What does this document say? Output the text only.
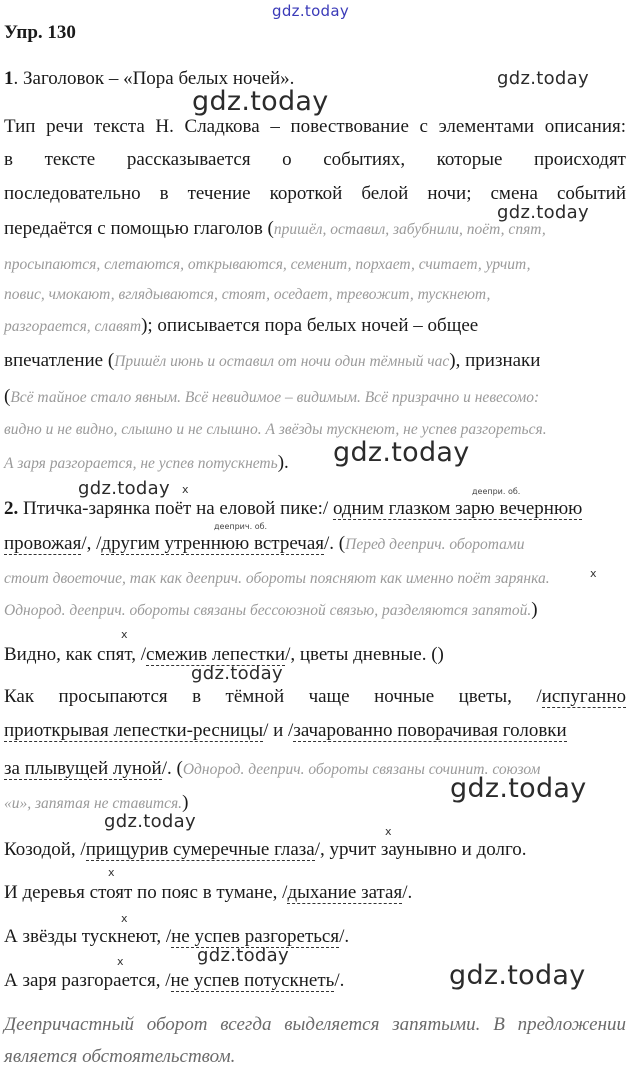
gdz.today
Упр. 130
1. Заголовок – «Пора белых ночей».	gdz.today
gdz.today
Тип речи текста Н. Сладкова – повествование с элементами описания:
в тексте рассказывается о событиях, которые происходят
последовательно в течение короткой белой ночи; смена событий
gdz.today
передаётся с помощью глаголов (пришёл, оставил, забубнили, поёт, спят,
просыпаются, слетаются, открываются, семенит, порхает, считает, урчит,
повис, чмокают, вглядываются, стоят, оседает, тревожит, тускнеют,
разгорается, славят); описывается пора белых ночей – общее
впечатление (Пришёл июнь и оставил от ночи один тёмный час), признаки
(Всё тайное стало явным. Всё невидимое – видимым. Всё призрачно и невесомо:
видно и не видно, слышно и не слышно. А звёзды тускнеют, не успев разгореться.
А заря разгорается, не успев потускнеть).	gdz.today
gdz.today х	деепри. об.
2. Птичка-зарянка поёт на еловой пике:/ одним глазком зарю вечернюю
дееприч. об.
провожая/, /другим утреннюю встречая/. (Перед дееприч. оборотами
стоит двоеточие, так как дееприч. обороты поясняют как именно поёт зарянка.	х
Однород. дееприч. обороты связаны бессоюзной связью, разделяются запятой.)
х
Видно, как спят, /смежив лепестки/, цветы дневные. ()
gdz.today
Как просыпаются в тёмной чаще ночные цветы, /испуганно
приоткрывая лепестки-ресницы/ и /зачарованно поворачивая головки
за плывущей луной/. (Однород. дееприч. обороты связаны сочинит. союзом
gdz.today
«и», запятая не ставится.)
gdz.today	х
Козодой, /прищурив сумеречные глаза/, урчит заунывно и долго.
х
И деревья стоят по пояс в тумане, /дыхание затая/.
х
А звёзды тускнеют, /не успев разгореться/.
gdz.today
х	gdz.today
А заря разгорается, /не успев потускнеть/.
Деепричастный оборот всегда выделяется запятыми. В предложении
является обстоятельством.
